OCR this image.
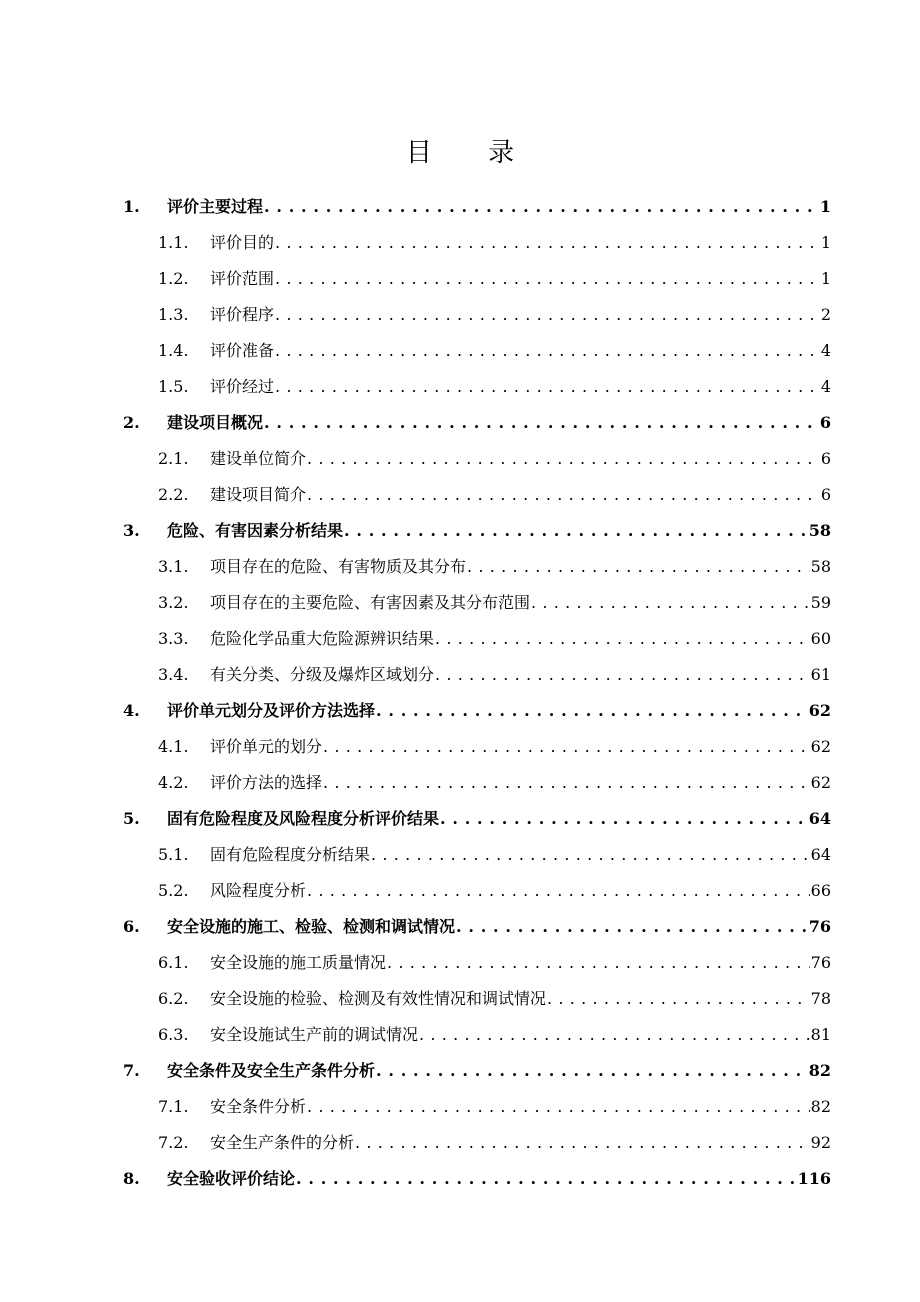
目 录
1.	评价主要过程 . . .	1
1.1.	评价目的 . . .	1
1.2.	评价范围 . . .	1
1.3.	评价程序 . . .	2
1.4.	评价准备 . . .	4
1.5.	评价经过 . . .	4
2.	建设项目概况 . . .	6
2.1.	建设单位简介 . . .	6
2.2.	建设项目简介 . . .	6
3.	危险、有害因素分析结果 . . .	58
3.1.	项目存在的危险、有害物质及其分布 . . .	58
3.2.	项目存在的主要危险、有害因素及其分布范围 . . .	59
3.3.	危险化学品重大危险源辨识结果 . . .	60
3.4.	有关分类、分级及爆炸区域划分 . . .	61
4.	评价单元划分及评价方法选择 . . .	62
4.1.	评价单元的划分 . . .	62
4.2.	评价方法的选择 . . .	62
5.	固有危险程度及风险程度分析评价结果 . . .	64
5.1.	固有危险程度分析结果 . . .	64
5.2.	风险程度分析 . . .	66
6.	安全设施的施工、检验、检测和调试情况 . . .	76
6.1.	安全设施的施工质量情况 . . .	76
6.2.	安全设施的检验、检测及有效性情况和调试情况 . . .	78
6.3.	安全设施试生产前的调试情况 . . .	81
7.	安全条件及安全生产条件分析 . . .	82
7.1.	安全条件分析 . . .	82
7.2.	安全生产条件的分析 . . .	92
8.	安全验收评价结论 . . .	116
